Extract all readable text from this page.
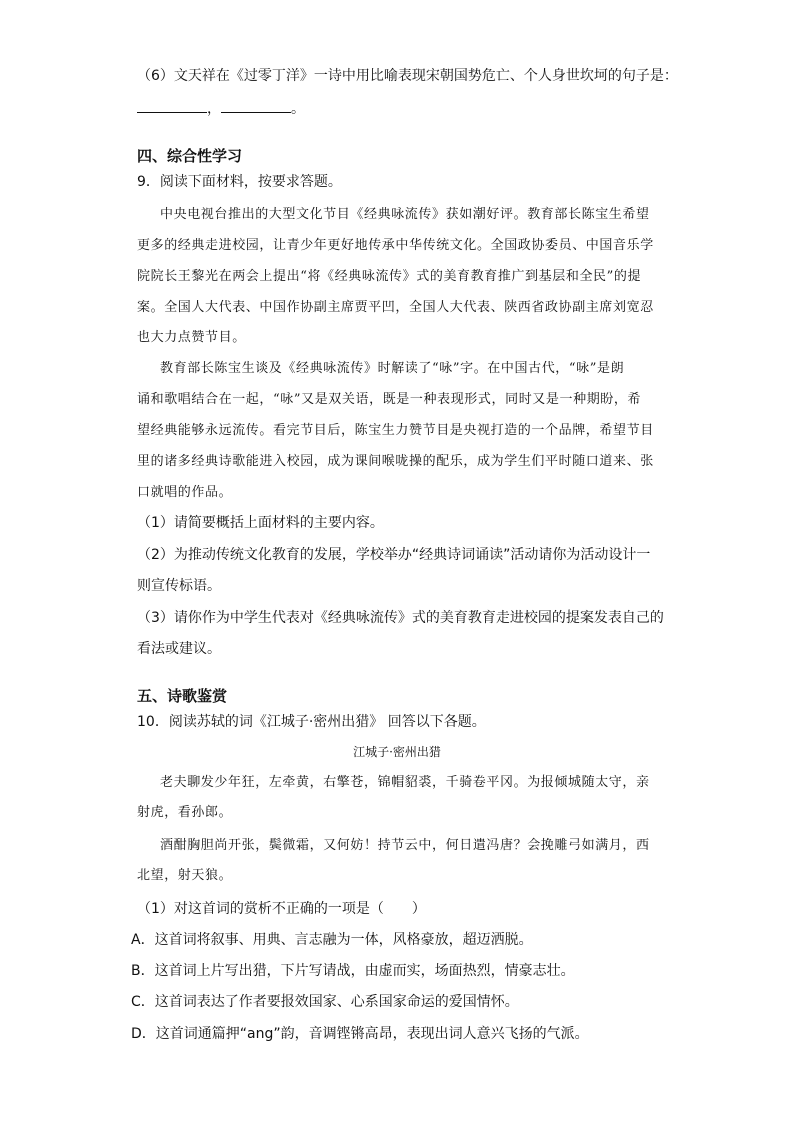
（6）文天祥在《过零丁洋》一诗中用比喻表现宋朝国势危亡、个人身世坎坷的句子是：
，	。
四、综合性学习
9．阅读下面材料，按要求答题。
中央电视台推出的大型文化节目《经典咏流传》获如潮好评。教育部长陈宝生希望
更多的经典走进校园，让青少年更好地传承中华传统文化。全国政协委员、中国音乐学
院院长王黎光在两会上提出“将《经典咏流传》式的美育教育推广到基层和全民”的提
案。全国人大代表、中国作协副主席贾平凹，全国人大代表、陕西省政协副主席刘宽忍
也大力点赞节目。
教育部长陈宝生谈及《经典咏流传》时解读了“咏”字。在中国古代，“咏”是朗
诵和歌唱结合在一起，“咏”又是双关语，既是一种表现形式，同时又是一种期盼，希
望经典能够永远流传。看完节目后，陈宝生力赞节目是央视打造的一个品牌，希望节目
里的诸多经典诗歌能进入校园，成为课间喉咙操的配乐，成为学生们平时随口道来、张
口就唱的作品。
（1）请简要概括上面材料的主要内容。
（2）为推动传统文化教育的发展，学校举办“经典诗词诵读”活动请你为活动设计一
则宣传标语。
（3）请你作为中学生代表对《经典咏流传》式的美育教育走进校园的提案发表自己的
看法或建议。
五、诗歌鉴赏
10．阅读苏轼的词《江城子·密州出猎》 回答以下各题。
江城子·密州出猎
老夫聊发少年狂，左牵黄，右擎苍，锦帽貂裘，千骑卷平冈。为报倾城随太守，亲
射虎，看孙郎。
酒酣胸胆尚开张，鬓微霜，又何妨！持节云中，何日遣冯唐？会挽雕弓如满月，西
北望，射天狼。
（1）对这首词的赏析不正确的一项是（　　）
A．这首词将叙事、用典、言志融为一体，风格豪放，超迈洒脱。
B．这首词上片写出猎，下片写请战，由虚而实，场面热烈，情豪志壮。
C．这首词表达了作者要报效国家、心系国家命运的爱国情怀。
D．这首词通篇押“ang”韵，音调铿锵高昂，表现出词人意兴飞扬的气派。
